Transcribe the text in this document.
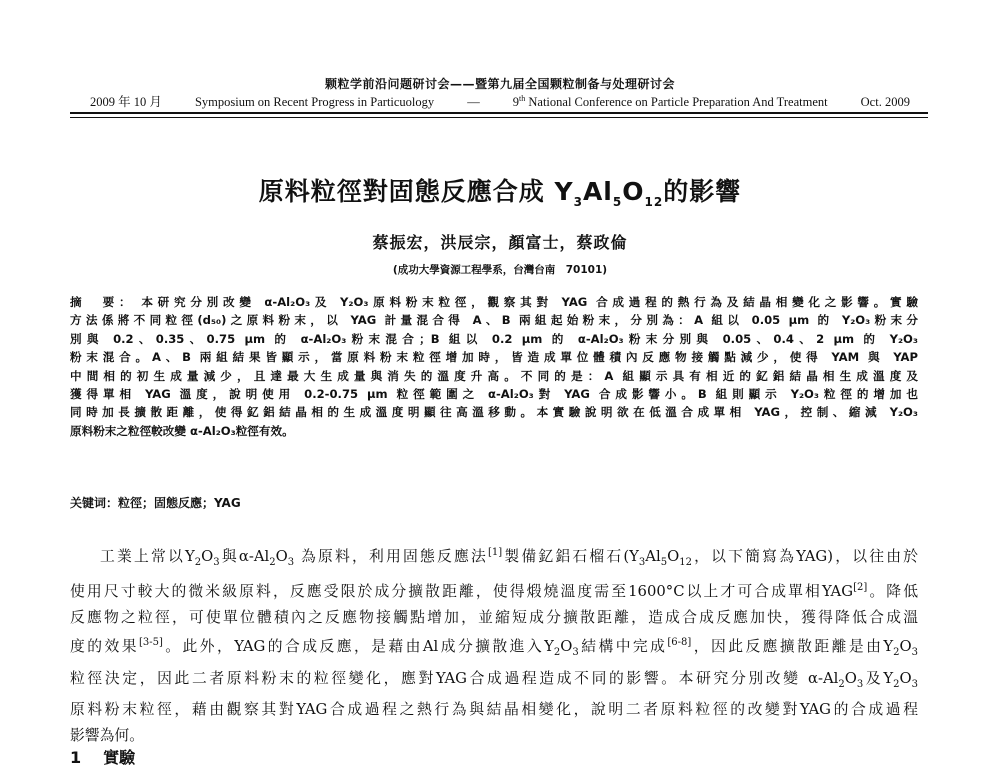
颗粒学前沿问题研讨会——暨第九届全国颗粒制备与处理研讨会
2009 年 10 月	Symposium on Recent Progress in Particuology	—	9th National Conference on Particle Preparation And Treatment	Oct. 2009
原料粒徑對固態反應合成 $Y_3Al_5O_{12}$的影響
蔡振宏，洪辰宗，顏富士，蔡政倫
(成功大學資源工程學系，台灣台南　70101)
摘　要： 本研究分別改變 α-Al₂O₃及 Y₂O₃原料粉末粒徑，觀察其對 YAG 合成過程的熱行為及結晶相變化之影響。實驗
方法係將不同粒徑(d₅₀)之原料粉末，以 YAG 計量混合得 A、B 兩組起始粉末，分別為：A 組以 0.05 μm 的 Y₂O₃粉末分
別與 0.2、0.35、0.75 μm 的 α-Al₂O₃粉末混合；B 組以 0.2 μm 的 α-Al₂O₃粉末分別與 0.05、0.4、2 μm 的 Y₂O₃
粉末混合。A、B 兩組結果皆顯示，當原料粉末粒徑增加時，皆造成單位體積內反應物接觸點減少，使得 YAM 與 YAP
中間相的初生成量減少，且達最大生成量與消失的溫度升高。不同的是：A 組顯示具有相近的釔鋁結晶相生成溫度及
獲得單相 YAG 溫度，說明使用 0.2-0.75 μm 粒徑範圍之 α-Al₂O₃對 YAG 合成影響小。B 組則顯示 Y₂O₃粒徑的增加也
同時加長擴散距離，使得釔鋁結晶相的生成溫度明顯往高溫移動。本實驗說明欲在低溫合成單相 YAG，控制、縮減 Y₂O₃
原料粉末之粒徑較改變 α-Al₂O₃粒徑有效。
关键词：粒徑；固態反應；YAG
工業上常以$Y_2O_3$與$\alpha-Al_2O_3$ 為原料，利用固態反應法[1]製備釔鋁石榴石($Y_3Al_5O_{12}$，以下簡寫為YAG)，以往由於
使用尺寸較大的微米級原料，反應受限於成分擴散距離，使得煅燒溫度需至1600°C以上才可合成單相YAG[2]。降低
反應物之粒徑，可使單位體積內之反應物接觸點增加，並縮短成分擴散距離，造成合成反應加快，獲得降低合成溫
度的效果[3-5]。此外，YAG的合成反應，是藉由Al成分擴散進入$Y_2O_3$結構中完成[6-8]，因此反應擴散距離是由$Y_2O_3$
粒徑決定，因此二者原料粉末的粒徑變化，應對YAG合成過程造成不同的影響。本研究分別改變 $\alpha-Al_2O_3$及$Y_2O_3$
原料粉末粒徑，藉由觀察其對YAG合成過程之熱行為與結晶相變化，說明二者原料粒徑的改變對YAG的合成過程
影響為何。
1 實驗
